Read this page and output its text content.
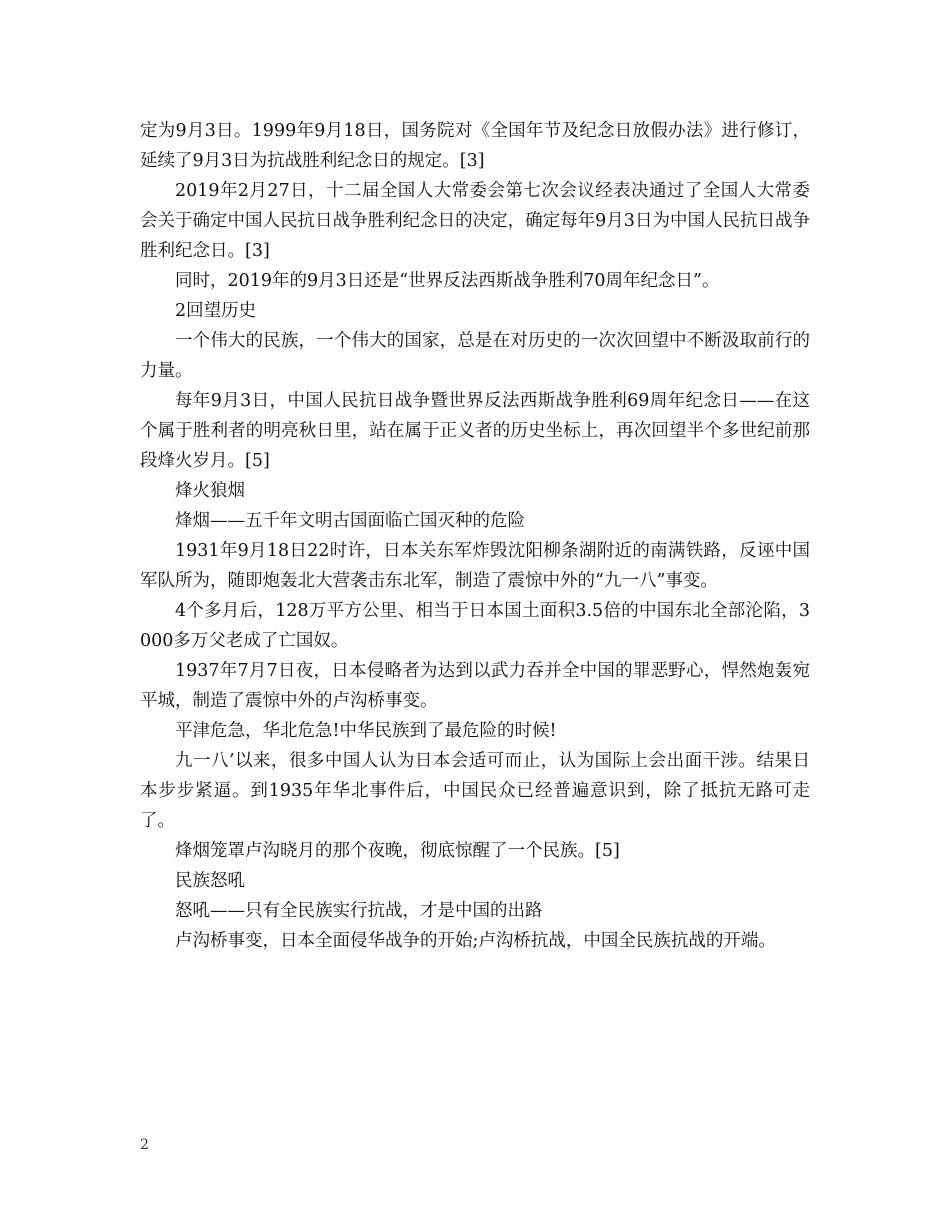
定为9月3日。1999年9月18日，国务院对《全国年节及纪念日放假办法》进行修订，延续了9月3日为抗战胜利纪念日的规定。[3]

2019年2月27日，十二届全国人大常委会第七次会议经表决通过了全国人大常委会关于确定中国人民抗日战争胜利纪念日的决定，确定每年9月3日为中国人民抗日战争胜利纪念日。[3]

同时，2019年的9月3日还是“世界反法西斯战争胜利70周年纪念日”。

2回望历史

一个伟大的民族，一个伟大的国家，总是在对历史的一次次回望中不断汲取前行的力量。

每年9月3日，中国人民抗日战争暨世界反法西斯战争胜利69周年纪念日——在这个属于胜利者的明亮秋日里，站在属于正义者的历史坐标上，再次回望半个多世纪前那段烽火岁月。[5]

烽火狼烟

烽烟——五千年文明古国面临亡国灭种的危险

1931年9月18日22时许，日本关东军炸毁沈阳柳条湖附近的南满铁路，反诬中国军队所为，随即炮轰北大营袭击东北军，制造了震惊中外的“九一八”事变。

4个多月后，128万平方公里、相当于日本国土面积3.5倍的中国东北全部沦陷，3000多万父老成了亡国奴。

1937年7月7日夜，日本侵略者为达到以武力吞并全中国的罪恶野心，悍然炮轰宛平城，制造了震惊中外的卢沟桥事变。

平津危急，华北危急!中华民族到了最危险的时候!

九一八’以来，很多中国人认为日本会适可而止，认为国际上会出面干涉。结果日本步步紧逼。到1935年华北事件后，中国民众已经普遍意识到，除了抵抗无路可走了。

烽烟笼罩卢沟晓月的那个夜晚，彻底惊醒了一个民族。[5]

民族怒吼

怒吼——只有全民族实行抗战，才是中国的出路

卢沟桥事变，日本全面侵华战争的开始;卢沟桥抗战，中国全民族抗战的开端。

2
